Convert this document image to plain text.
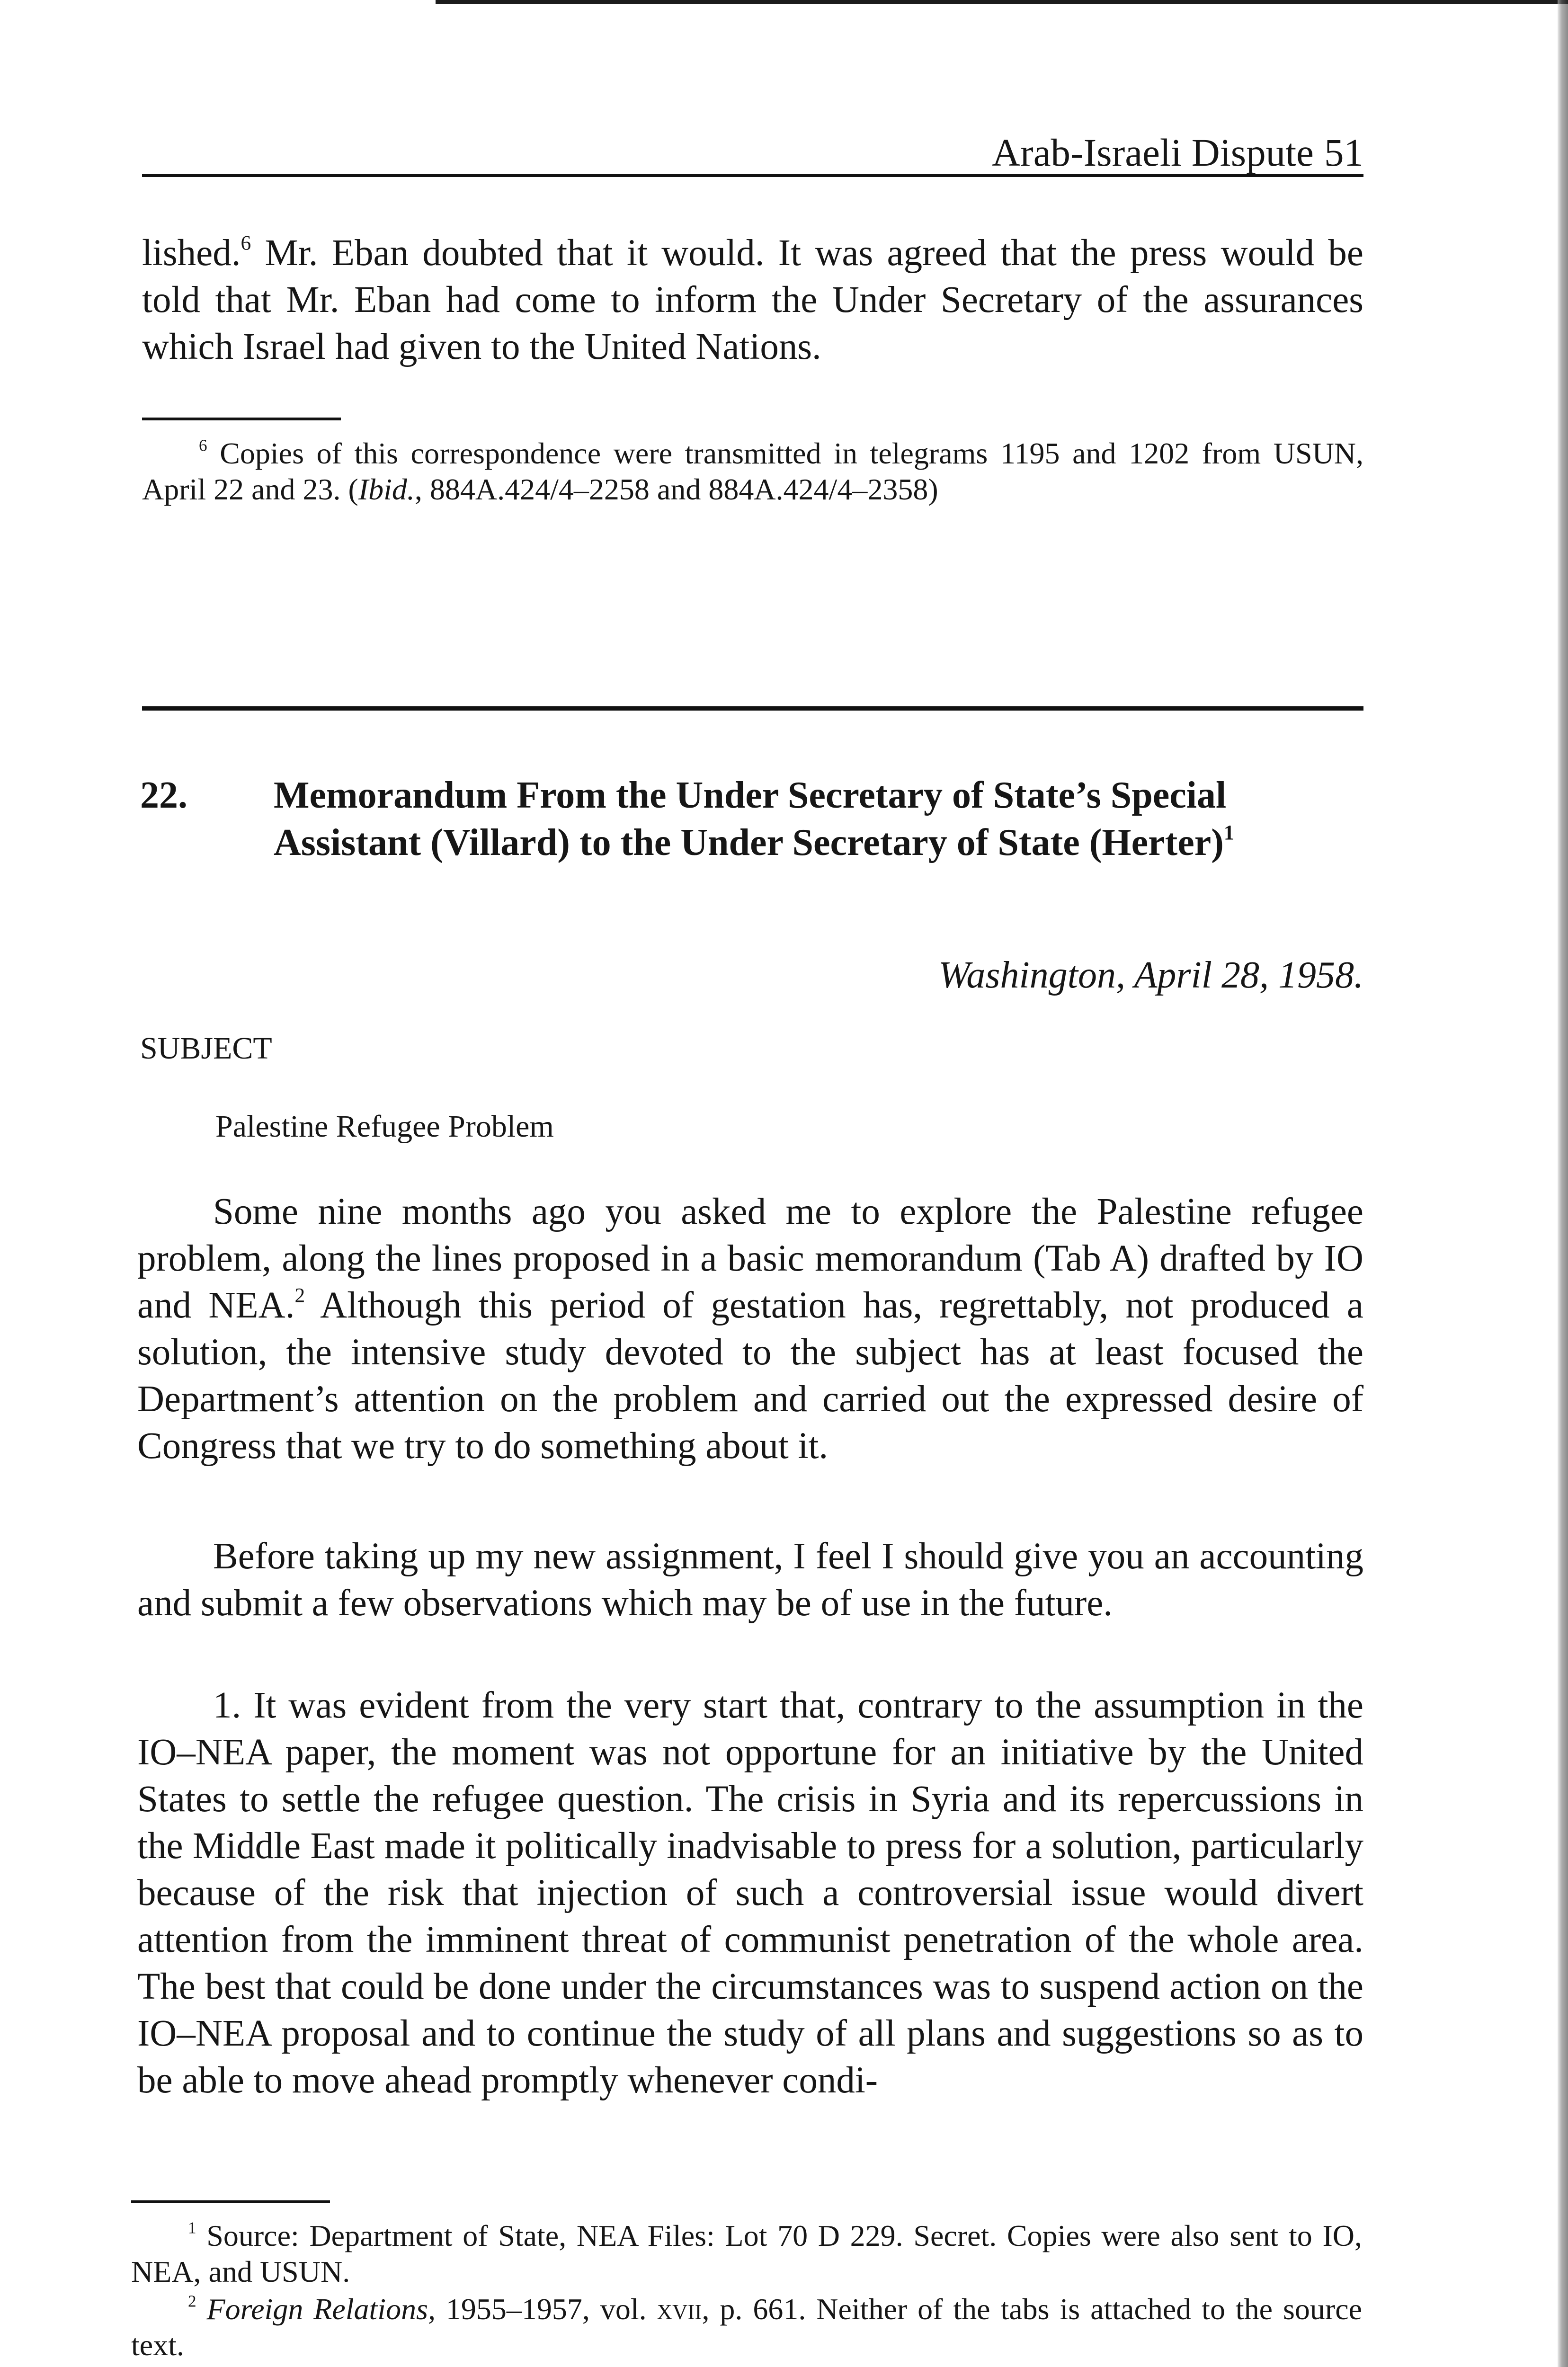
Arab-Israeli Dispute 51

lished.$^6$ Mr. Eban doubted that it would. It was agreed that the press would be told that Mr. Eban had come to inform the Under Secretary of the assurances which Israel had given to the United Nations.

$^6$ Copies of this correspondence were transmitted in telegrams 1195 and 1202 from USUN, April 22 and 23. (Ibid., 884A.424/4–2258 and 884A.424/4–2358)

22. Memorandum From the Under Secretary of State’s Special Assistant (Villard) to the Under Secretary of State (Herter)$^1$

Washington, April 28, 1958.
SUBJECT
Palestine Refugee Problem

Some nine months ago you asked me to explore the Palestine refugee problem, along the lines proposed in a basic memorandum (Tab A) drafted by IO and NEA.$^2$ Although this period of gestation has, regrettably, not produced a solution, the intensive study devoted to the subject has at least focused the Department’s attention on the problem and carried out the expressed desire of Congress that we try to do something about it.

Before taking up my new assignment, I feel I should give you an accounting and submit a few observations which may be of use in the future.

1. It was evident from the very start that, contrary to the assumption in the IO–NEA paper, the moment was not opportune for an initiative by the United States to settle the refugee question. The crisis in Syria and its repercussions in the Middle East made it politically inadvisable to press for a solution, particularly because of the risk that injection of such a controversial issue would divert attention from the imminent threat of communist penetration of the whole area. The best that could be done under the circumstances was to suspend action on the IO–NEA proposal and to continue the study of all plans and suggestions so as to be able to move ahead promptly whenever condi-

$^1$ Source: Department of State, NEA Files: Lot 70 D 229. Secret. Copies were also sent to IO, NEA, and USUN.

$^2$ Foreign Relations, 1955–1957, vol. xvii, p. 661. Neither of the tabs is attached to the source text.
